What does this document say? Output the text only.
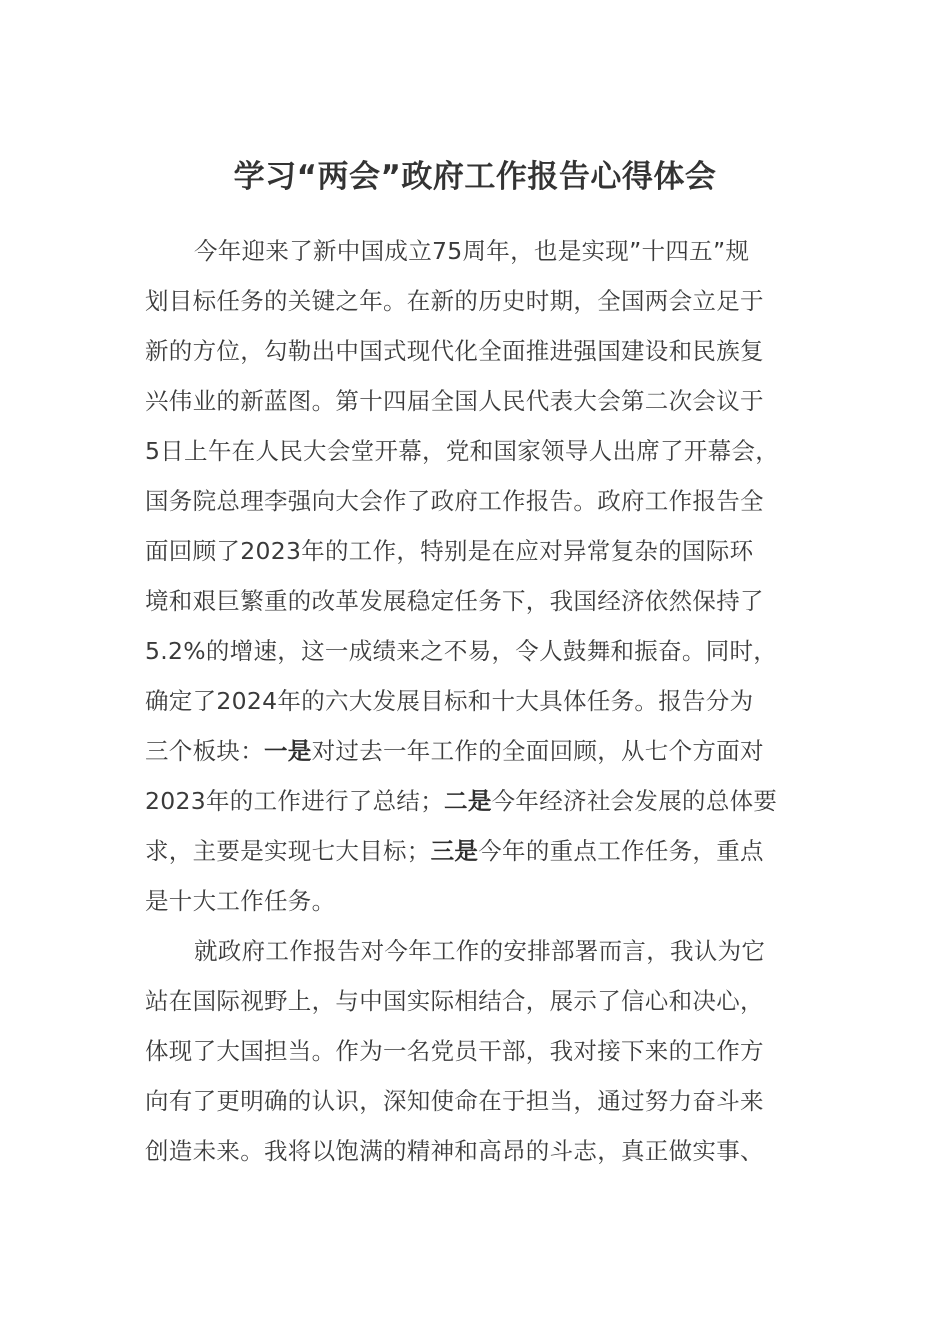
学习“两会”政府工作报告心得体会

今年迎来了新中国成立75周年，也是实现”十四五”规
划目标任务的关键之年。在新的历史时期，全国两会立足于
新的方位，勾勒出中国式现代化全面推进强国建设和民族复
兴伟业的新蓝图。第十四届全国人民代表大会第二次会议于
5日上午在人民大会堂开幕，党和国家领导人出席了开幕会，
国务院总理李强向大会作了政府工作报告。政府工作报告全
面回顾了2023年的工作，特别是在应对异常复杂的国际环
境和艰巨繁重的改革发展稳定任务下，我国经济依然保持了
5.2%的增速，这一成绩来之不易，令人鼓舞和振奋。同时，
确定了2024年的六大发展目标和十大具体任务。报告分为
三个板块：一是对过去一年工作的全面回顾，从七个方面对
2023年的工作进行了总结；二是今年经济社会发展的总体要
求，主要是实现七大目标；三是今年的重点工作任务，重点
是十大工作任务。

就政府工作报告对今年工作的安排部署而言，我认为它
站在国际视野上，与中国实际相结合，展示了信心和决心，
体现了大国担当。作为一名党员干部，我对接下来的工作方
向有了更明确的认识，深知使命在于担当，通过努力奋斗来
创造未来。我将以饱满的精神和高昂的斗志，真正做实事、
